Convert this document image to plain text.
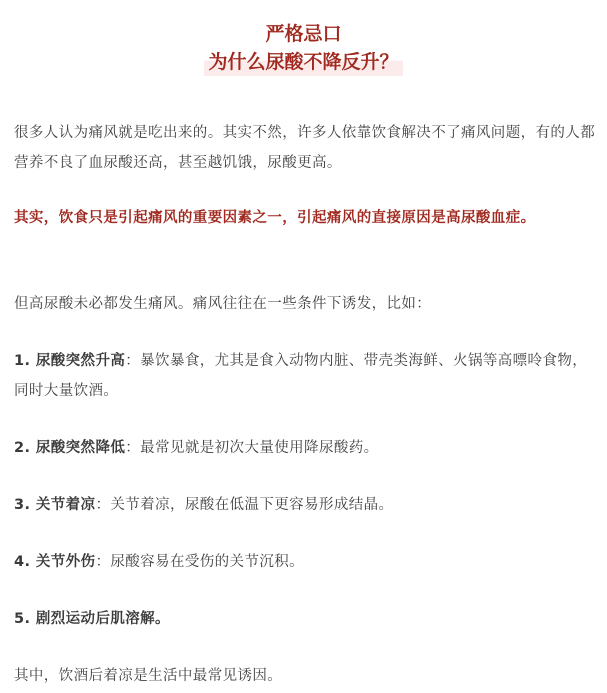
严格忌口
为什么尿酸不降反升？

很多人认为痛风就是吃出来的。其实不然，许多人依靠饮食解决不了痛风问题，有的人都营养不良了血尿酸还高，甚至越饥饿，尿酸更高。

其实，饮食只是引起痛风的重要因素之一，引起痛风的直接原因是高尿酸血症。

但高尿酸未必都发生痛风。痛风往往在一些条件下诱发，比如：

1. 尿酸突然升高：暴饮暴食，尤其是食入动物内脏、带壳类海鲜、火锅等高嘌呤食物，同时大量饮酒。

2. 尿酸突然降低：最常见就是初次大量使用降尿酸药。

3. 关节着凉：关节着凉，尿酸在低温下更容易形成结晶。

4. 关节外伤：尿酸容易在受伤的关节沉积。

5. 剧烈运动后肌溶解。

其中，饮酒后着凉是生活中最常见诱因。
